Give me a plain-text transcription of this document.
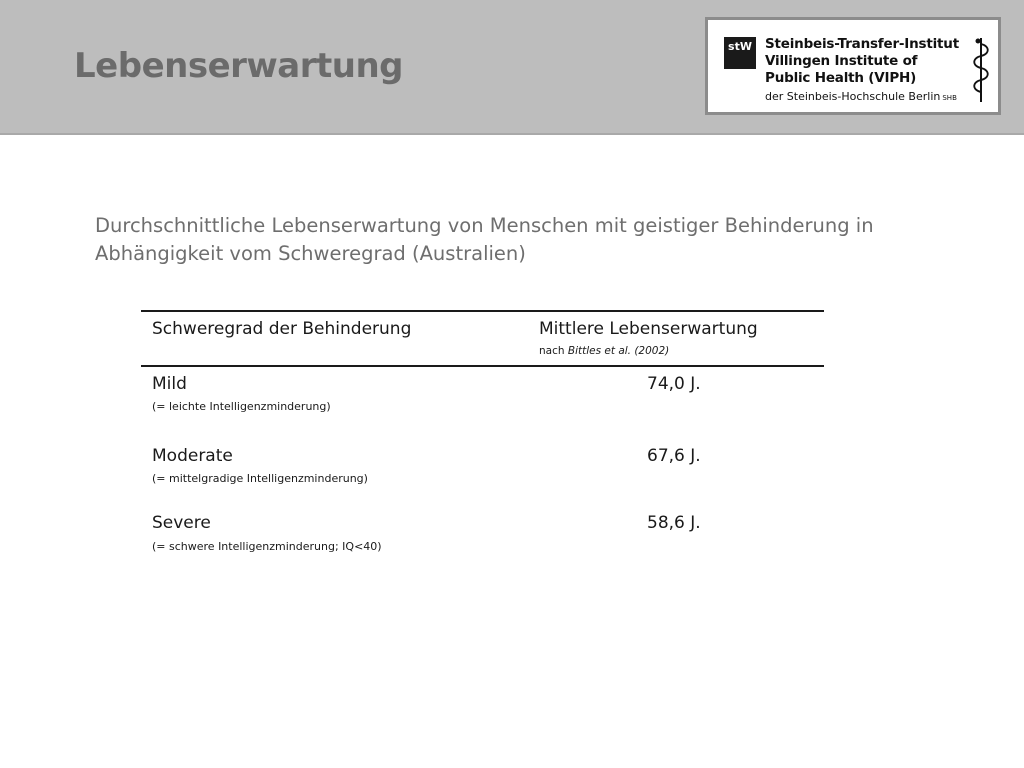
Lebenserwartung	stW Steinbeis-Transfer-Institut
Villingen Institute of
Public Health (VIPH)
der Steinbeis-Hochschule Berlin SHB

Durchschnittliche Lebenserwartung von Menschen mit geistiger Behinderung in Abhängigkeit vom Schweregrad (Australien)

Schweregrad der Behinderung	Mittlere Lebenserwartung
nach Bittles et al. (2002)
Mild
(= leichte Intelligenzminderung)
74,0 J.
Moderate
(= mittelgradige Intelligenzminderung)
67,6 J.
Severe
(= schwere Intelligenzminderung; IQ<40)
58,6 J.
